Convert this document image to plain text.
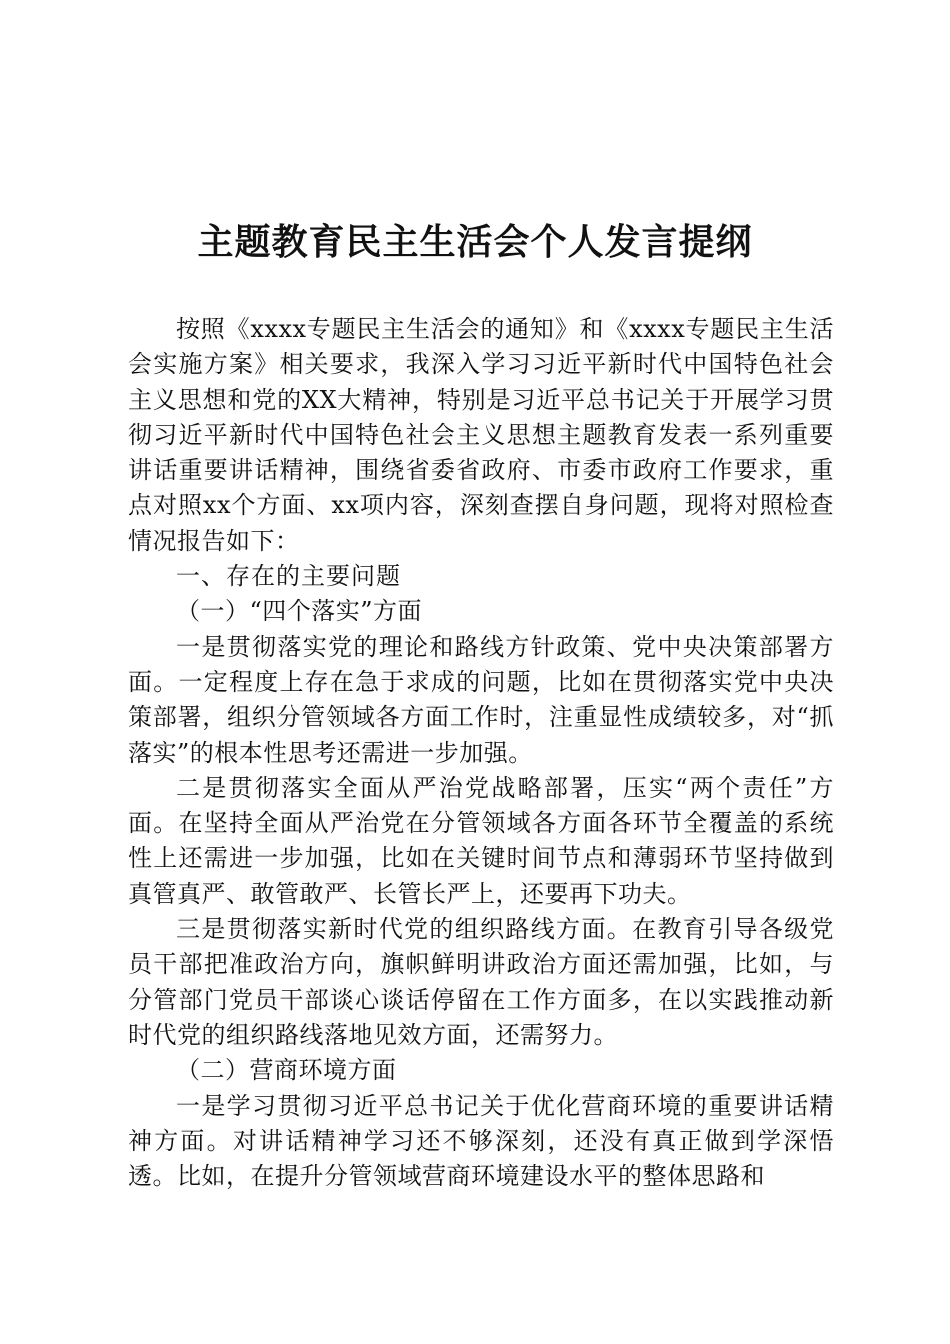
主题教育民主生活会个人发言提纲

按照《xxxx专题民主生活会的通知》和《xxxx专题民主生活会实施方案》相关要求，我深入学习习近平新时代中国特色社会主义思想和党的XX大精神，特别是习近平总书记关于开展学习贯彻习近平新时代中国特色社会主义思想主题教育发表一系列重要讲话重要讲话精神，围绕省委省政府、市委市政府工作要求，重点对照xx个方面、xx项内容，深刻查摆自身问题，现将对照检查情况报告如下：

一、存在的主要问题

（一）“四个落实”方面

一是贯彻落实党的理论和路线方针政策、党中央决策部署方面。一定程度上存在急于求成的问题，比如在贯彻落实党中央决策部署，组织分管领域各方面工作时，注重显性成绩较多，对“抓落实”的根本性思考还需进一步加强。

二是贯彻落实全面从严治党战略部署，压实“两个责任”方面。在坚持全面从严治党在分管领域各方面各环节全覆盖的系统性上还需进一步加强，比如在关键时间节点和薄弱环节坚持做到真管真严、敢管敢严、长管长严上，还要再下功夫。

三是贯彻落实新时代党的组织路线方面。在教育引导各级党员干部把准政治方向，旗帜鲜明讲政治方面还需加强，比如，与分管部门党员干部谈心谈话停留在工作方面多，在以实践推动新时代党的组织路线落地见效方面，还需努力。

（二）营商环境方面

一是学习贯彻习近平总书记关于优化营商环境的重要讲话精神方面。对讲话精神学习还不够深刻，还没有真正做到学深悟透。比如，在提升分管领域营商环境建设水平的整体思路和
